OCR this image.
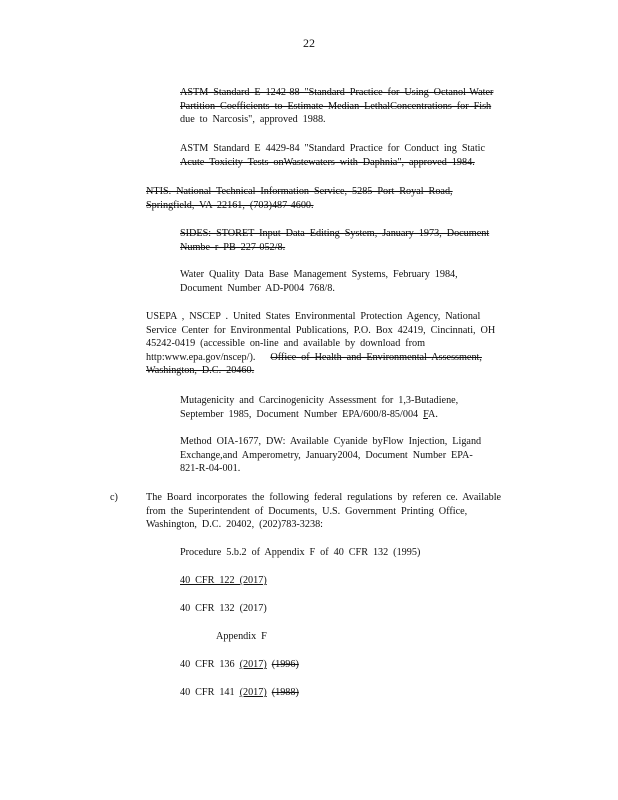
22
ASTM Standard E 1242-88 "Standard Practice for Using Octanol-Water
Partition Coefficients to Estimate Median LethalConcentrations for Fish
due to Narcosis", approved 1988.
ASTM Standard E 4429-84 "Standard Practice for Conduct ing Static
Acute Toxicity Tests onWastewaters with Daphnia", approved 1984.
NTIS. National Technical Information Service, 5285 Port Royal Road,
Springfield, VA 22161, (703)487-4600.
SIDES: STORET Input Data Editing System, January 1973, Document
Numbe r PB 227-052/8.
Water Quality Data Base Management Systems, February 1984,
Document Number AD-P004 768/8.
USEPA , NSCEP . United States Environmental Protection Agency, National
Service Center for Environmental Publications, P.O. Box 42419, Cincinnati, OH
45242-0419 (accessible on-line and available by download from
http:www.epa.gov/nscep/). Office of Health and Environmental Assessment,
Washington, D.C. 20460.
Mutagenicity and Carcinogenicity Assessment for 1,3-Butadiene,
September 1985, Document Number EPA/600/8-85/004 FA.
Method OIA-1677, DW: Available Cyanide byFlow Injection, Ligand
Exchange,and Amperometry, January2004, Document Number EPA-
821-R-04-001.
c)	The Board incorporates the following federal regulations by referen ce. Available
from the Superintendent of Documents, U.S. Government Printing Office,
Washington, D.C. 20402, (202)783-3238:
Procedure 5.b.2 of Appendix F of 40 CFR 132 (1995)
40 CFR 122 (2017)
40 CFR 132 (2017)
Appendix F
40 CFR 136 (2017) (1996)
40 CFR 141 (2017) (1988)
